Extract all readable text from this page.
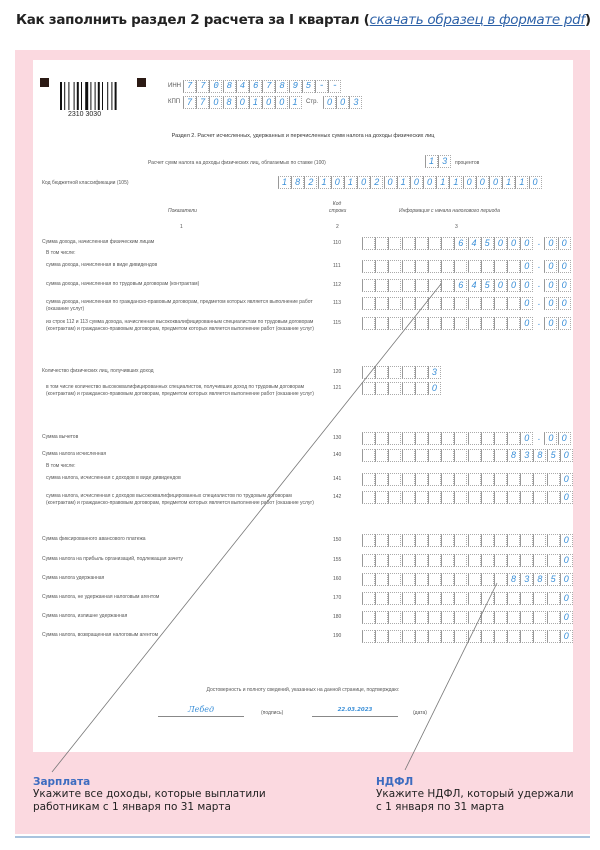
Как заполнить раздел 2 расчета за I квартал (скачать образец в формате pdf)
2310 3030
ИНН 7708467895--
КПП 7 7 0 8 0 1 0 0 1	Стр. 0 0 3
Раздел 2. Расчет исчисленных, удержанных и перечисленных сумм налога на доходы физических лиц
Расчет сумм налога на доходы физических лиц, облагаемых по ставке (100)	1 3	процентов
Код бюджетной классификации (105)	1 8 2 1 0 1 0 2 0 1 0 0 1 1 0 0 0 1 1 0
Показатели
Код строки	Информация с начала налогового периода
1	2	3
В том числе:
В том числе:
Сумма дохода, начисленная физическим лицам	110	6 4 5 0 0 0 . 0 0
сумма дохода, начисленная в виде дивидендов	111	0 . 0 0
сумма дохода, начисленная по трудовым договорам (контрактам)	112	6 4 5 0 0 0 . 0 0
сумма дохода, начисленная по гражданско-правовым договорам, предметом которых является выполнение работ (оказание услуг)
113	0 . 0 0
из строк 112 и 113 сумма дохода, начисленная высококвалифицированным специалистам по трудовым договорам (контрактам) и гражданско-правовым договорам, предметом которых является выполнение работ (оказание услуг)
115	0 . 0 0
Количество физических лиц, получивших доход	120	3
в том числе количество высококвалифицированных специалистов, получивших доход по трудовым договорам (контрактам) и гражданско-правовым договорам, предметом которых является выполнение работ (оказание услуг)
121	0
Сумма вычетов	130	0 . 0 0
Сумма налога исчисленная	140	8 3 8 5 0
сумма налога, исчисленная с доходов в виде дивидендов	141	0
сумма налога, исчисленная с доходов высококвалифицированных специалистов по трудовым договорам (контрактам) и гражданско-правовым договорам, предметом которых является выполнение работ (оказание услуг)
142	0
Сумма фиксированного авансового платежа	150	0
Сумма налога на прибыль организаций, подлежащая зачету	155	0
Сумма налога удержанная	160	8 3 8 5 0
Сумма налога, не удержанная налоговым агентом	170	0
Сумма налога, излишне удержанная	180	0
Сумма налога, возвращенная налоговым агентом	190	0
Достоверность и полноту сведений, указанных на данной странице, подтверждаю:
Лебед	(подпись)	22.03.2023	(дата)
Зарплата
Укажите все доходы, которые выплатили работникам с 1 января по 31 марта
НДФЛ
Укажите НДФЛ, который удержали с 1 января по 31 марта
